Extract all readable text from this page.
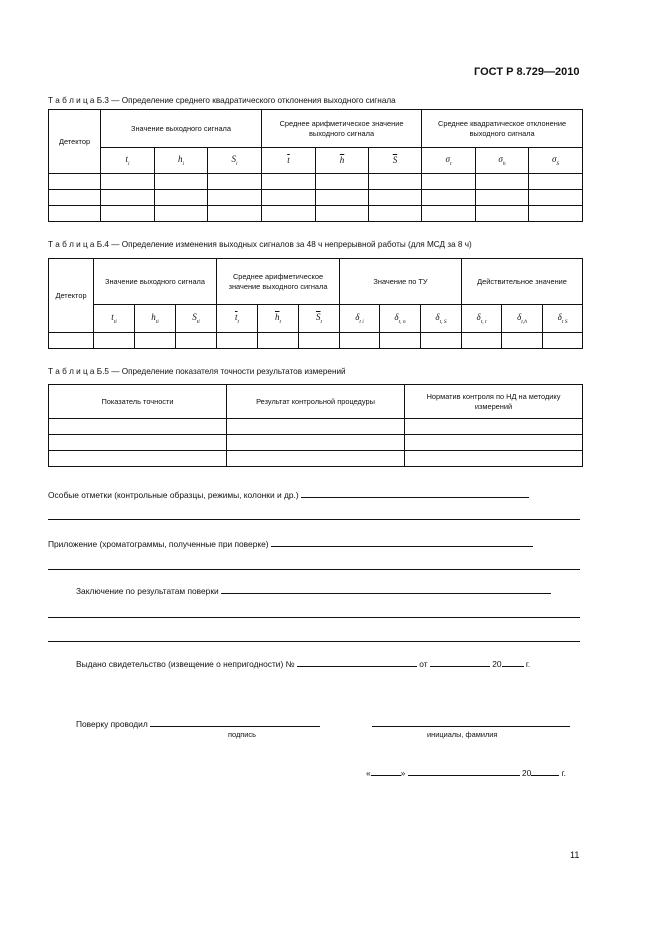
ГОСТ Р 8.729—2010
Т а б л и ц а Б.3 — Определение среднего квадратического отклонения выходного сигнала
Детектор	Значение выходного сигнала			Среднее арифметическое значение выходного сигнала			Среднее квадратическое отклонение выходного сигнала		
	$t_i$	$h_i$	$S_i$	$\overline{t}$	$\overline{h}$	$\overline{S}$	$\sigma_t$	$\sigma_h$	$\sigma_S$

Т а б л и ц а Б.4 — Определение изменения выходных сигналов за 48 ч непрерывной работы (для МСД за 8 ч)
Детектор	Значение выходного сигнала			Среднее арифметическое значение выходного сигнала			Значение по ТУ			Действительное значение		
	$t_{ti}$	$h_{ti}$	$S_{ti}$	$\overline{t}_t$	$\overline{h}_t$	$\overline{S}_t$	$\delta_{t i}$	$\delta_{t, n}$	$\delta_{t, S}$	$\delta_{t, t}$	$\delta_{t,h}$	$\delta_{t S}$

Т а б л и ц а Б.5 — Определение показателя точности результатов измерений
Показатель точности	Результат контрольной процедуры	Норматив контроля по НД на методику измерений

Особые отметки (контрольные образцы, режимы, колонки и др.)
Приложение (хроматограммы, полученные при поверке)
Заключение по результатам поверки
Выдано свидетельство (извещение о непригодности) №	от	20	г.
Поверку проводил
подпись	инициалы, фамилия
«	»	20	г.
11
